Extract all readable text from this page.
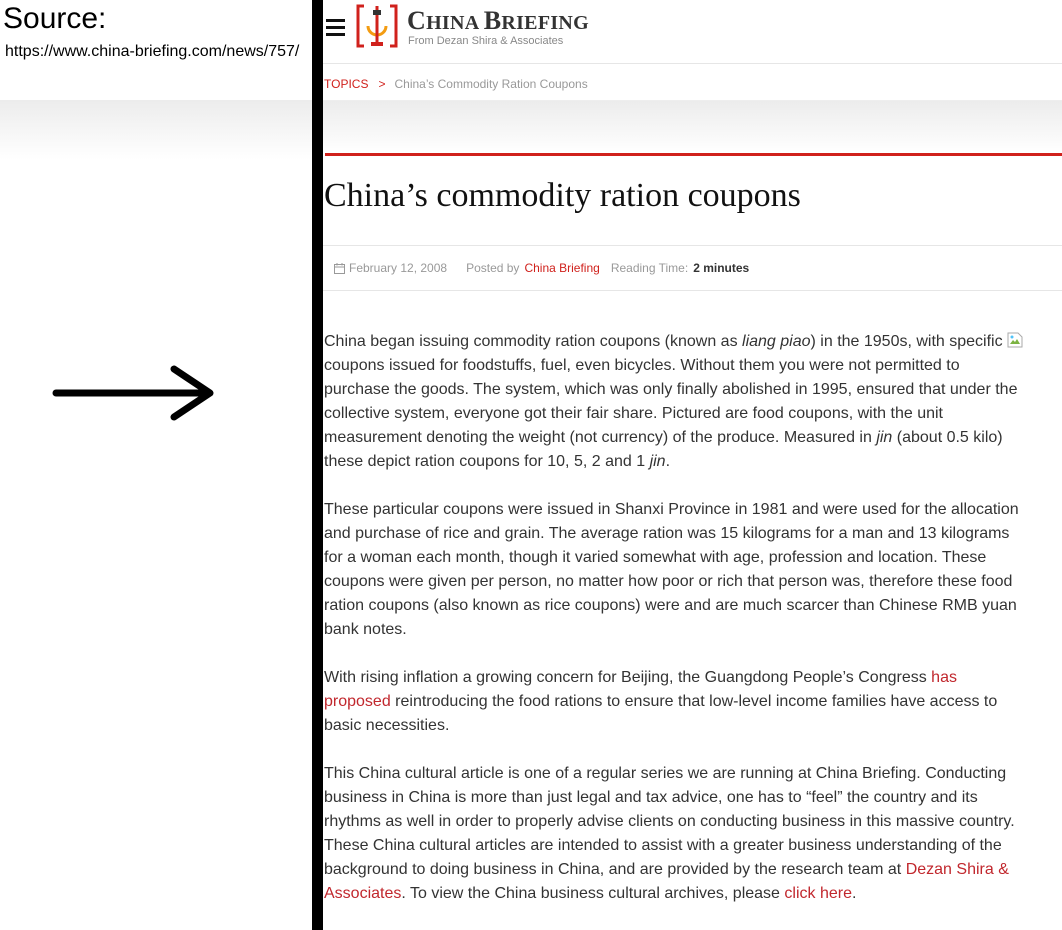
Source:
https://www.china-briefing.com/news/757/
CHINA BRIEFING
From Dezan Shira & Associates
TOPICS > China’s Commodity Ration Coupons
China’s commodity ration coupons
February 12, 2008 Posted by China Briefing Reading Time: 2 minutes

China began issuing commodity ration coupons (known as liang piao) in the 1950s, with specific
coupons issued for foodstuffs, fuel, even bicycles. Without them you were not permitted to purchase the goods. The system, which was only finally abolished in 1995, ensured that under the collective system, everyone got their fair share. Pictured are food coupons, with the unit measurement denoting the weight (not currency) of the produce. Measured in jin (about 0.5 kilo) these depict ration coupons for 10, 5, 2 and 1 jin.

These particular coupons were issued in Shanxi Province in 1981 and were used for the allocation and purchase of rice and grain. The average ration was 15 kilograms for a man and 13 kilograms for a woman each month, though it varied somewhat with age, profession and location. These coupons were given per person, no matter how poor or rich that person was, therefore these food ration coupons (also known as rice coupons) were and are much scarcer than Chinese RMB yuan bank notes.

With rising inflation a growing concern for Beijing, the Guangdong People’s Congress has proposed reintroducing the food rations to ensure that low-level income families have access to basic necessities.

This China cultural article is one of a regular series we are running at China Briefing. Conducting business in China is more than just legal and tax advice, one has to “feel” the country and its rhythms as well in order to properly advise clients on conducting business in this massive country. These China cultural articles are intended to assist with a greater business understanding of the background to doing business in China, and are provided by the research team at Dezan Shira & Associates. To view the China business cultural archives, please click here.
